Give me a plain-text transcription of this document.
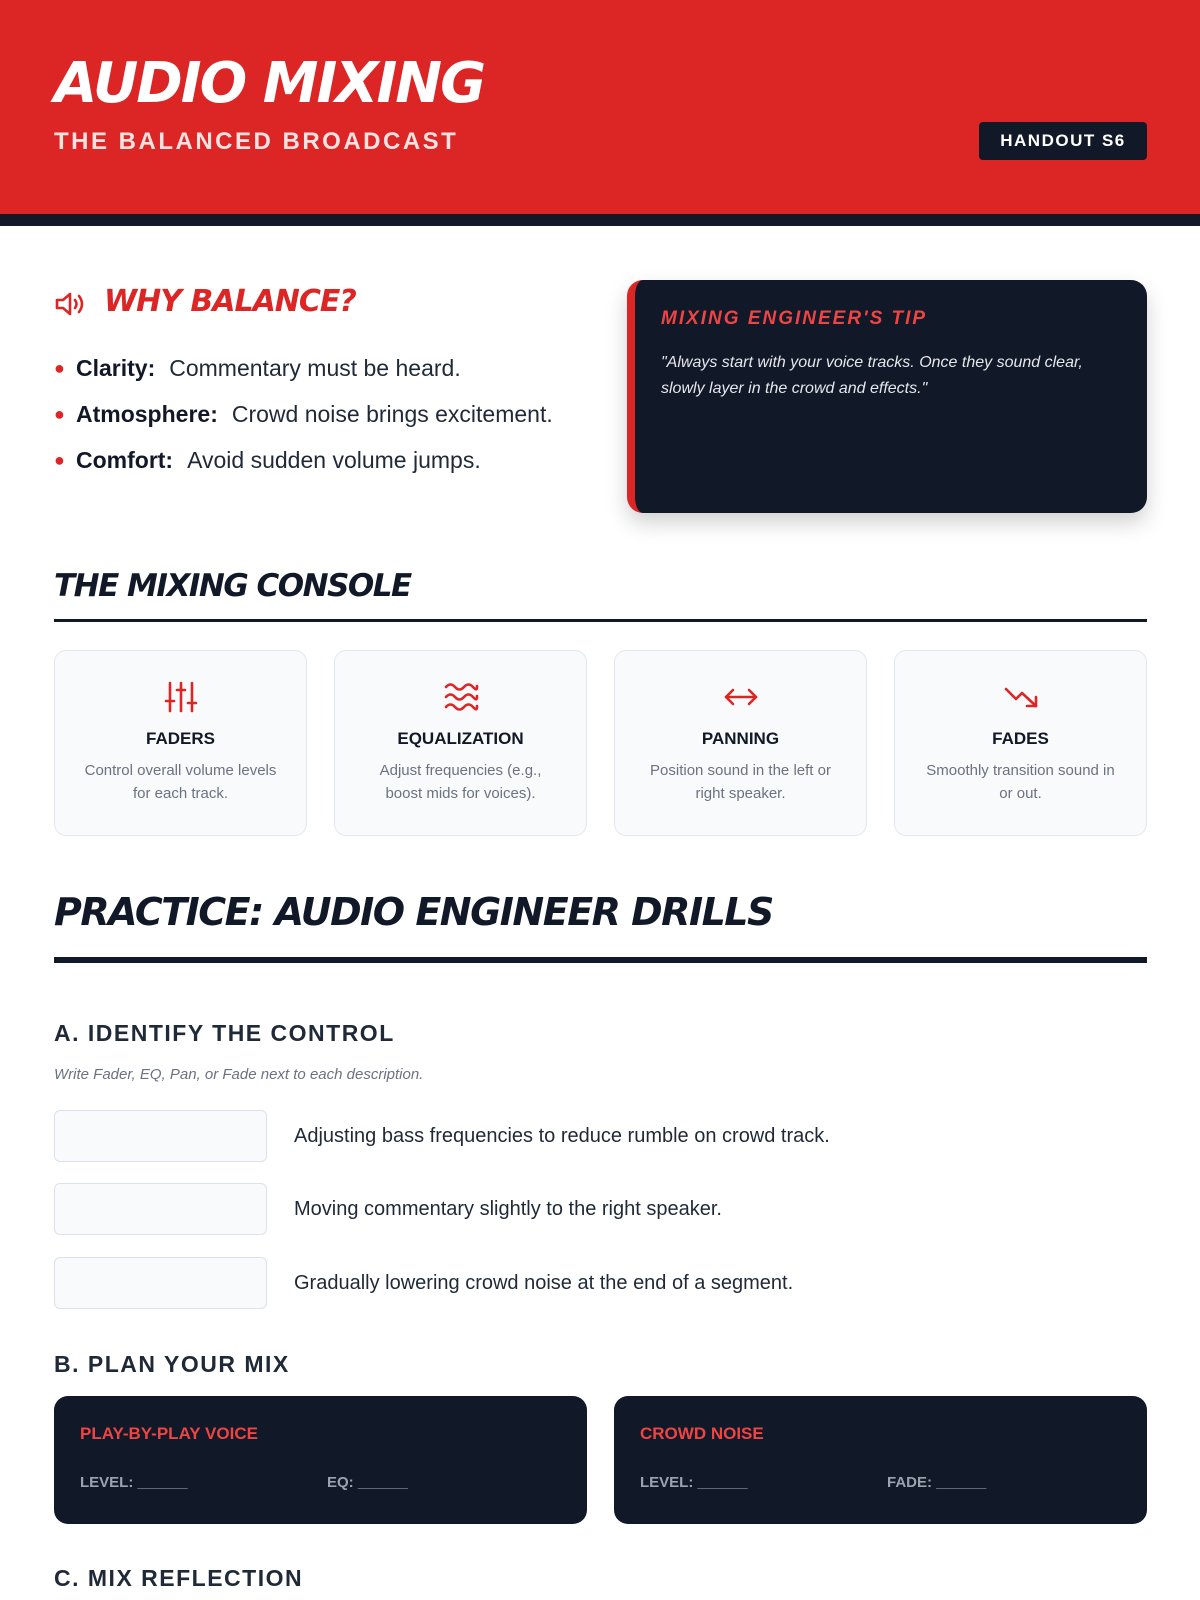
AUDIO MIXING
THE BALANCED BROADCAST	HANDOUT S6
WHY BALANCE?
● Clarity: Commentary must be heard.
● Atmosphere: Crowd noise brings excitement.
● Comfort: Avoid sudden volume jumps.
MIXING ENGINEER'S TIP
"Always start with your voice tracks. Once they sound clear, slowly layer in the crowd and effects."
THE MIXING CONSOLE
FADERS
Control overall volume levels for each track.
EQUALIZATION
Adjust frequencies (e.g., boost mids for voices).
PANNING
Position sound in the left or right speaker.
FADES
Smoothly transition sound in or out.
PRACTICE: AUDIO ENGINEER DRILLS
A. IDENTIFY THE CONTROL
Write Fader, EQ, Pan, or Fade next to each description.
Adjusting bass frequencies to reduce rumble on crowd track.
Moving commentary slightly to the right speaker.
Gradually lowering crowd noise at the end of a segment.
B. PLAN YOUR MIX
PLAY-BY-PLAY VOICE
LEVEL: ______	EQ: ______
CROWD NOISE
LEVEL: ______	FADE: ______
C. MIX REFLECTION
